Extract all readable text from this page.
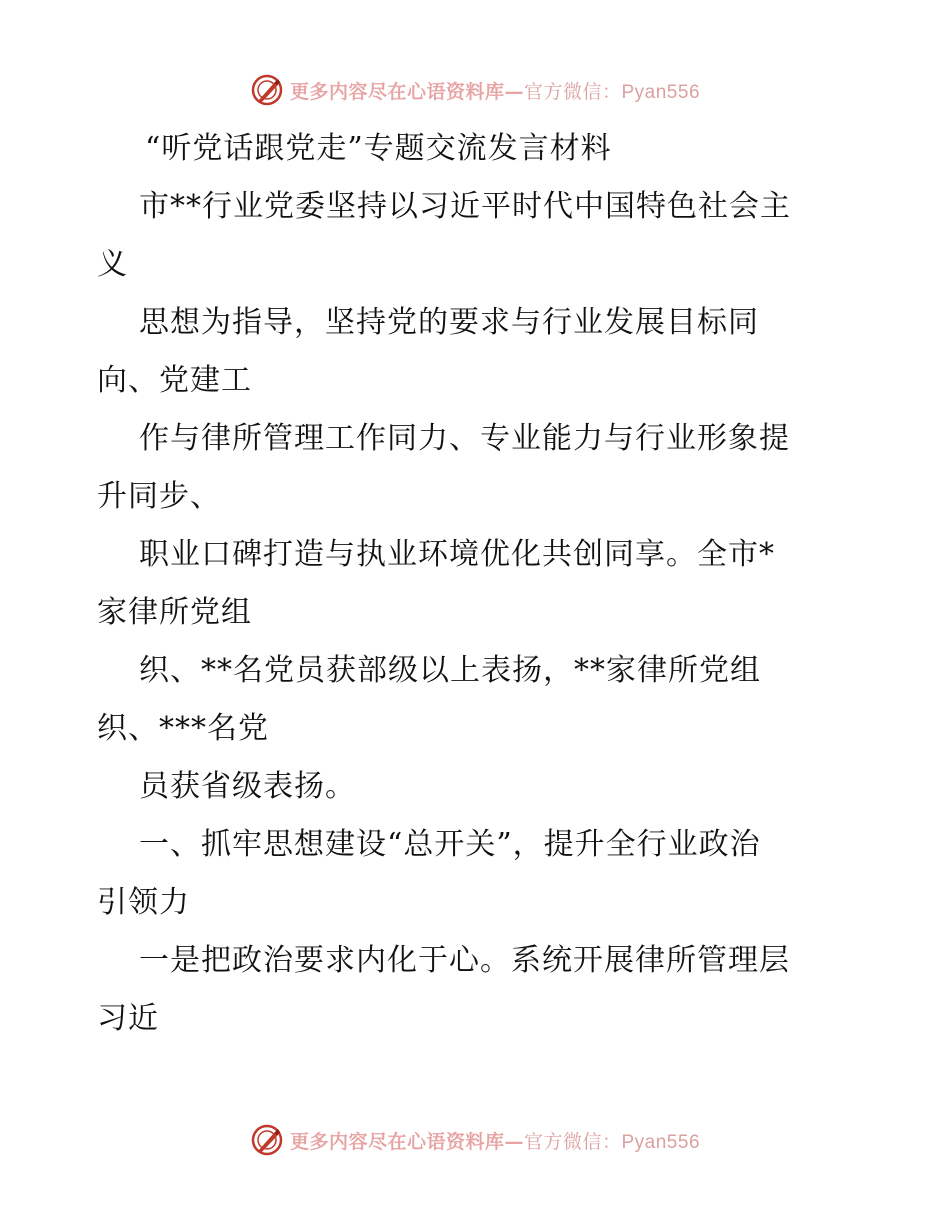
更多内容尽在心语资料库—官方微信：Pyan556
“听党话跟党走”专题交流发言材料
市**行业党委坚持以习近平时代中国特色社会主
义
思想为指导，坚持党的要求与行业发展目标同
向、党建工
作与律所管理工作同力、专业能力与行业形象提
升同步、
职业口碑打造与执业环境优化共创同享。全市*
家律所党组
织、**名党员获部级以上表扬，**家律所党组
织、***名党
员获省级表扬。
一、抓牢思想建设“总开关”，提升全行业政治
引领力
一是把政治要求内化于心。系统开展律所管理层
习近
更多内容尽在心语资料库—官方微信：Pyan556
